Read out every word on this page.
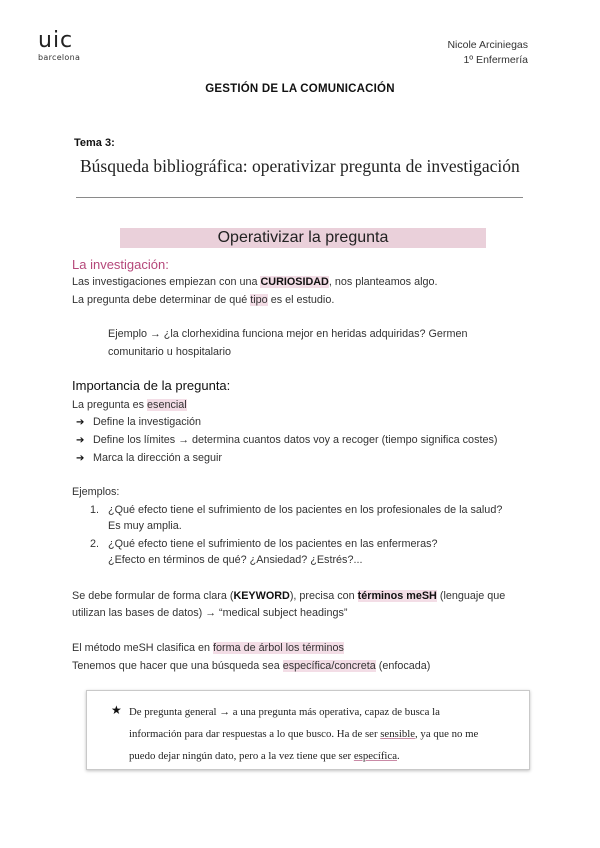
uic
barcelona
Nicole Arciniegas
1º Enfermería
GESTIÓN DE LA COMUNICACIÓN
Tema 3:
Búsqueda bibliográfica: operativizar pregunta de investigación
Operativizar la pregunta
La investigación:
Las investigaciones empiezan con una CURIOSIDAD, nos planteamos algo.
La pregunta debe determinar de qué tipo es el estudio.
Ejemplo → ¿la clorhexidina funciona mejor en heridas adquiridas? Germen
comunitario u hospitalario
Importancia de la pregunta:
La pregunta es esencial
➔ Define la investigación
➔ Define los límites → determina cuantos datos voy a recoger (tiempo significa costes)
➔ Marca la dirección a seguir
Ejemplos:
1. ¿Qué efecto tiene el sufrimiento de los pacientes en los profesionales de la salud?
Es muy amplia.
2. ¿Qué efecto tiene el sufrimiento de los pacientes en las enfermeras?
¿Efecto en términos de qué? ¿Ansiedad? ¿Estrés?...
Se debe formular de forma clara (KEYWORD), precisa con términos meSH (lenguaje que
utilizan las bases de datos) → “medical subject headings”
El método meSH clasifica en forma de árbol los términos
Tenemos que hacer que una búsqueda sea específica/concreta (enfocada)
★ De pregunta general → a una pregunta más operativa, capaz de busca la
información para dar respuestas a lo que busco. Ha de ser sensible, ya que no me
puedo dejar ningún dato, pero a la vez tiene que ser específica.
